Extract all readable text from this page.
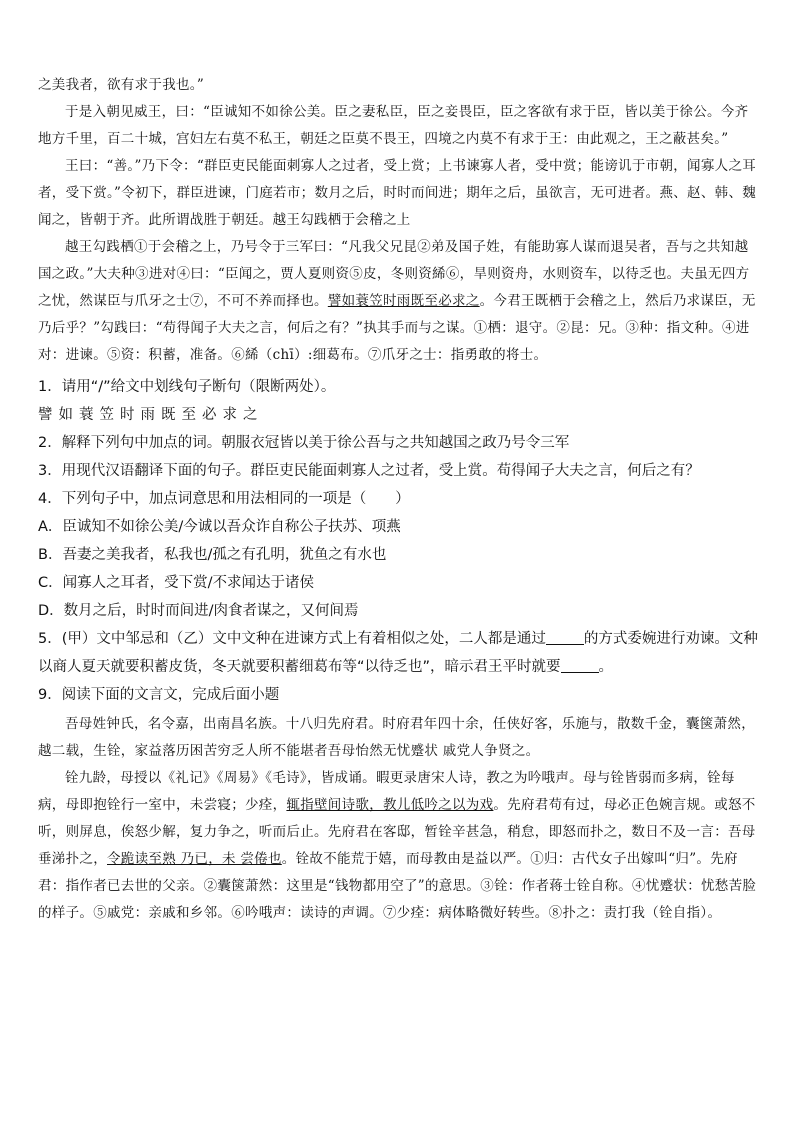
之美我者，欲有求于我也。”

于是入朝见威王，曰：“臣诚知不如徐公美。臣之妻私臣，臣之妾畏臣，臣之客欲有求于臣，皆以美于徐公。今齐地方千里，百二十城，宫妇左右莫不私王，朝廷之臣莫不畏王，四境之内莫不有求于王：由此观之，王之蔽甚矣。”

王曰：“善。”乃下令：“群臣吏民能面刺寡人之过者，受上赏；上书谏寡人者，受中赏；能谤讥于市朝，闻寡人之耳者，受下赏。”令初下，群臣进谏，门庭若市；数月之后，时时而间进；期年之后，虽欲言，无可进者。燕、赵、韩、魏闻之，皆朝于齐。此所谓战胜于朝廷。越王勾践栖于会稽之上

越王勾践栖①于会稽之上，乃号令于三军曰：“凡我父兄昆②弟及国子姓，有能助寡人谋而退吴者，吾与之共知越国之政。”大夫种③进对④曰：“臣闻之，贾人夏则资⑤皮，冬则资絺⑥，旱则资舟，水则资车，以待乏也。夫虽无四方之忧，然谋臣与爪牙之士⑦，不可不养而择也。譬如蓑笠时雨既至必求之。今君王既栖于会稽之上，然后乃求谋臣，无乃后乎？”勾践曰：“苟得闻子大夫之言，何后之有？”执其手而与之谋。①栖：退守。②昆：兄。③种：指文种。④进对：进谏。⑤资：积蓄，准备。⑥絺（chī）:细葛布。⑦爪牙之士：指勇敢的将士。

1．请用“/”给文中划线句子断句（限断两处）。

譬如蓑笠时雨既至必求之

2．解释下列句中加点的词。朝服衣冠皆以美于徐公吾与之共知越国之政乃号令三军

3．用现代汉语翻译下面的句子。群臣吏民能面刺寡人之过者，受上赏。苟得闻子大夫之言，何后之有？

4．下列句子中，加点词意思和用法相同的一项是（　　）

A．臣诚知不如徐公美/今诚以吾众诈自称公子扶苏、项燕

B．吾妻之美我者，私我也/孤之有孔明，犹鱼之有水也

C．闻寡人之耳者，受下赏/不求闻达于诸侯

D．数月之后，时时而间进/肉食者谋之，又何间焉

5．(甲）文中邹忌和（乙）文中文种在进谏方式上有着相似之处，二人都是通过	的方式委婉进行劝谏。文种以商人夏天就要积蓄皮货，冬天就要积蓄细葛布等“以待乏也”，暗示君王平时就要	。

9．阅读下面的文言文，完成后面小题

吾母姓钟氏，名令嘉，出南昌名族。十八归先府君。时府君年四十余，任侠好客，乐施与，散数千金，囊箧萧然，越二载，生铨，家益落历困苦穷乏人所不能堪者吾母怡然无忧蹙状 戚党人争贤之。

铨九龄，母授以《礼记》《周易》《毛诗》，皆成诵。暇更录唐宋人诗，教之为吟哦声。母与铨皆弱而多病，铨每病，母即抱铨行一室中，未尝寝；少痊，辄指壁间诗歌，教儿低吟之以为戏。先府君苟有过，母必正色婉言规。或怒不听，则屏息，俟怒少解，复力争之，听而后止。先府君在客邸，暂铨辛甚急，稍怠，即怒而扑之，数日不及一言：吾母垂涕扑之，令跪读至熟 乃已，未 尝倦也。铨故不能荒于嬉，而母教由是益以严。①归：古代女子出嫁叫“归”。先府君：指作者已去世的父亲。②囊箧萧然：这里是“钱物都用空了”的意思。③铨：作者蒋士铨自称。④忧蹙状：忧愁苦脸的样子。⑤戚党：亲戚和乡邻。⑥吟哦声：读诗的声调。⑦少痊：病体略微好转些。⑧扑之：责打我（铨自指）。
